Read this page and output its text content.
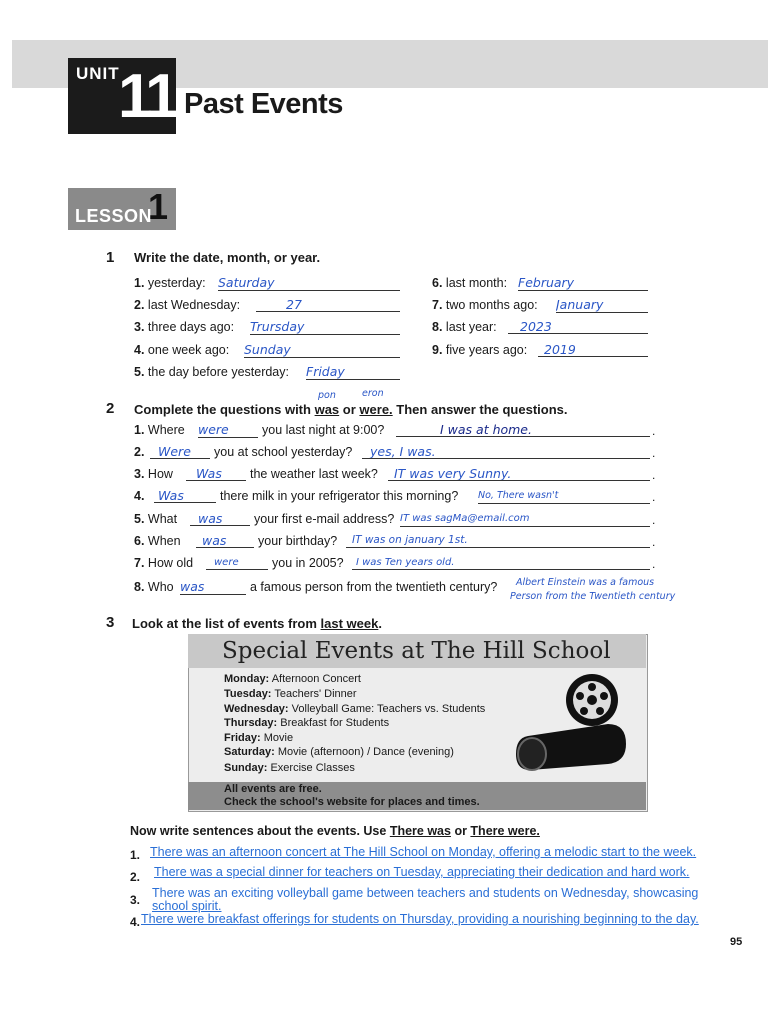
UNIT
11 Past Events
LESSON
1
1 Write the date, month, or year.
1. yesterday: Saturday
2. last Wednesday:	27
3. three days ago: Trursday
4. one week ago: Sunday
5. the day before yesterday: Friday
6. last month: February
7. two months ago: January
8. last year:	2023
9. five years ago:	2019
pon	eron
2 Complete the questions with was or were. Then answer the questions.
1. Where were	you last night at 9:00?	I was at home.	.
2.	Were	you at school yesterday?	yes, I was.	.
3. How	Was	the weather last week?	IT was very Sunny.	.
4.	Was	there milk in your refrigerator this morning? No, There wasn't	.
5. What	was	your first e-mail address? IT was sagMa@email.com	.
6. When	was	your birthday?	IT was on january 1st.	.
7. How old	were	you in 2005?	I was Ten years old.	.
8. Who was	a famous person from the twentieth century? Albert Einstein was a famous
Person from the Twentieth century
3 Look at the list of events from last week.
Special Events at The Hill School
Monday: Afternoon Concert
Tuesday: Teachers' Dinner
Wednesday: Volleyball Game: Teachers vs. Students
Thursday: Breakfast for Students
Friday: Movie
Saturday: Movie (afternoon) / Dance (evening)
Sunday: Exercise Classes
All events are free.
Check the school's website for places and times.
Now write sentences about the events. Use There was or There were.
1. There was an afternoon concert at The Hill School on Monday, offering a melodic start to the week.
2. There was a special dinner for teachers on Tuesday, appreciating their dedication and hard work.
3. There was an exciting volleyball game between teachers and students on Wednesday, showcasing
school spirit.
4. There were breakfast offerings for students on Thursday, providing a nourishing beginning to the day.
95
